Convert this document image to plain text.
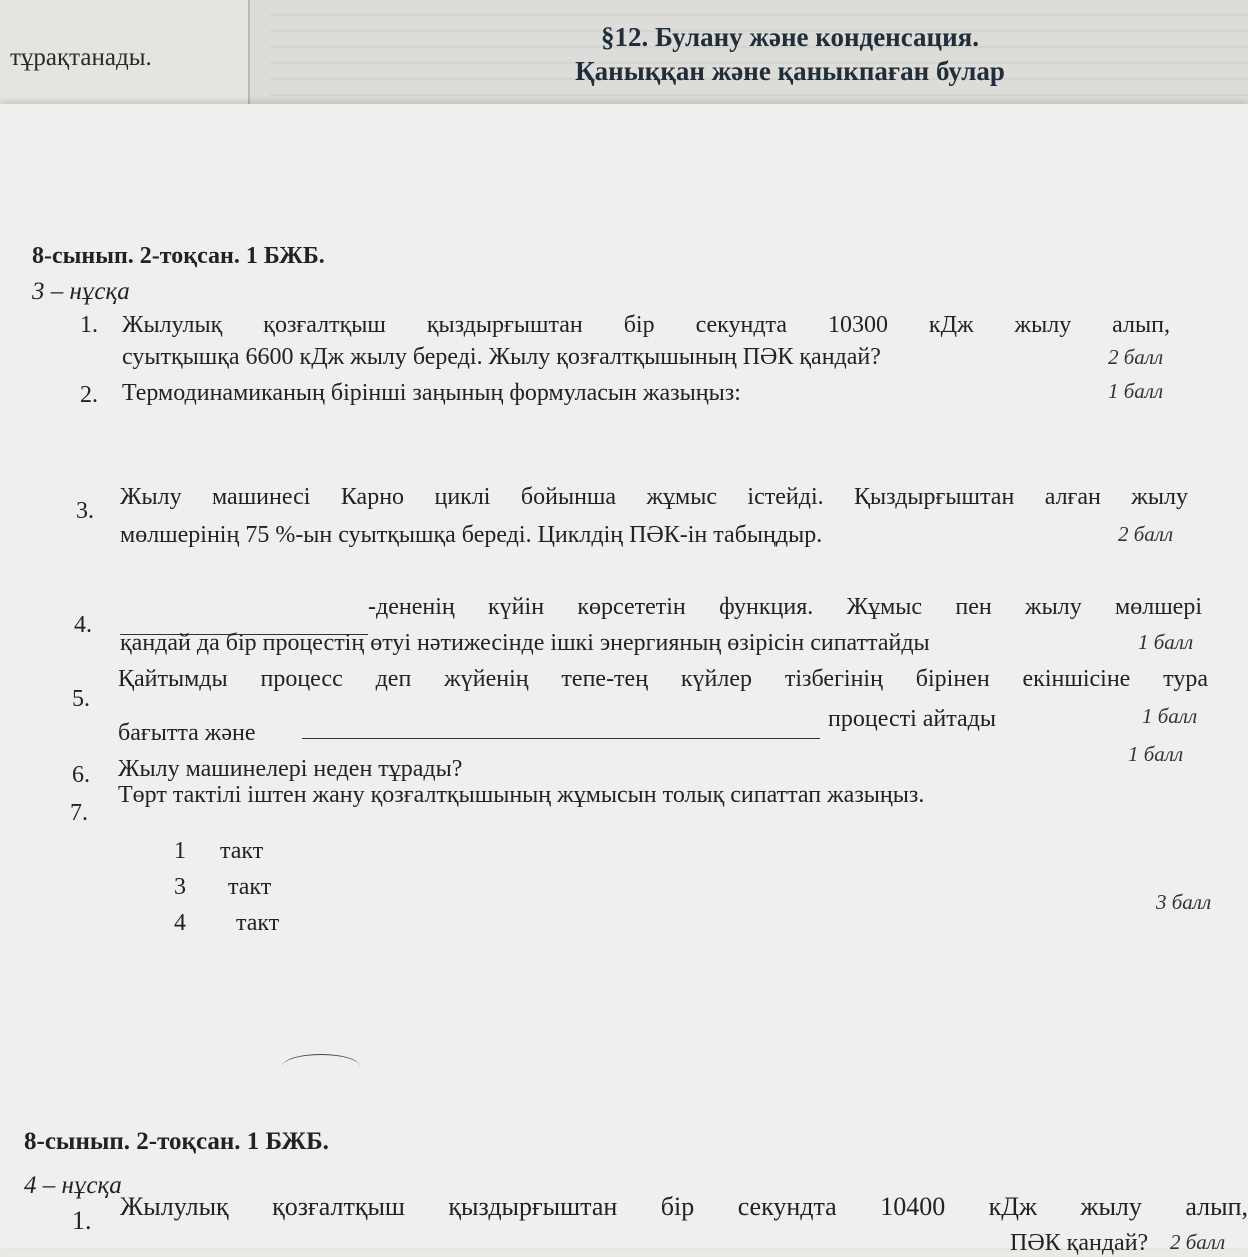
тұрақтанады.
§12. Булану және конденсация.
Қаныққан және қаныкпаған булар
8-сынып. 2-тоқсан. 1 БЖБ.
3 – нұсқа
1. Жылулық қозғалтқыш қыздырғыштан бір секундта 10300 кДж жылу алып,
суытқышқа 6600 кДж жылу береді. Жылу қозғалтқышының ПӘК қандай?	2 балл
2. Термодинамиканың бірінші заңының формуласын жазыңыз:	1 балл
3.
Жылу машинесі Карно циклі бойынша жұмыс істейді. Қыздырғыштан алған жылу
мөлшерінің 75 %-ын суытқышқа береді. Циклдің ПӘК-ін табыңдыр.	2 балл
4.
-дененің күйін көрсететін функция. Жұмыс пен жылу мөлшері
қандай да бір процестің өтуі нәтижесінде ішкі энергияның өзірісін сипаттайды	1 балл
5.
Қайтымды процесс деп жүйенің тепе-тең күйлер тізбегінің бірінен екіншісіне тура
бағытта және
процесті айтады	1 балл
6. Жылу машинелері неден тұрады?
1 балл
7.
Төрт тактілі іштен жану қозғалтқышының жұмысын толық сипаттап жазыңыз.
3 балл
1 такт
3 такт
4 такт
8-сынып. 2-тоқсан. 1 БЖБ.
4 – нұсқа
1. Жылулық қозғалтқыш қыздырғыштан бір секундта 10400 кДж жылу алып,
ПӘК қандай? 2 балл
